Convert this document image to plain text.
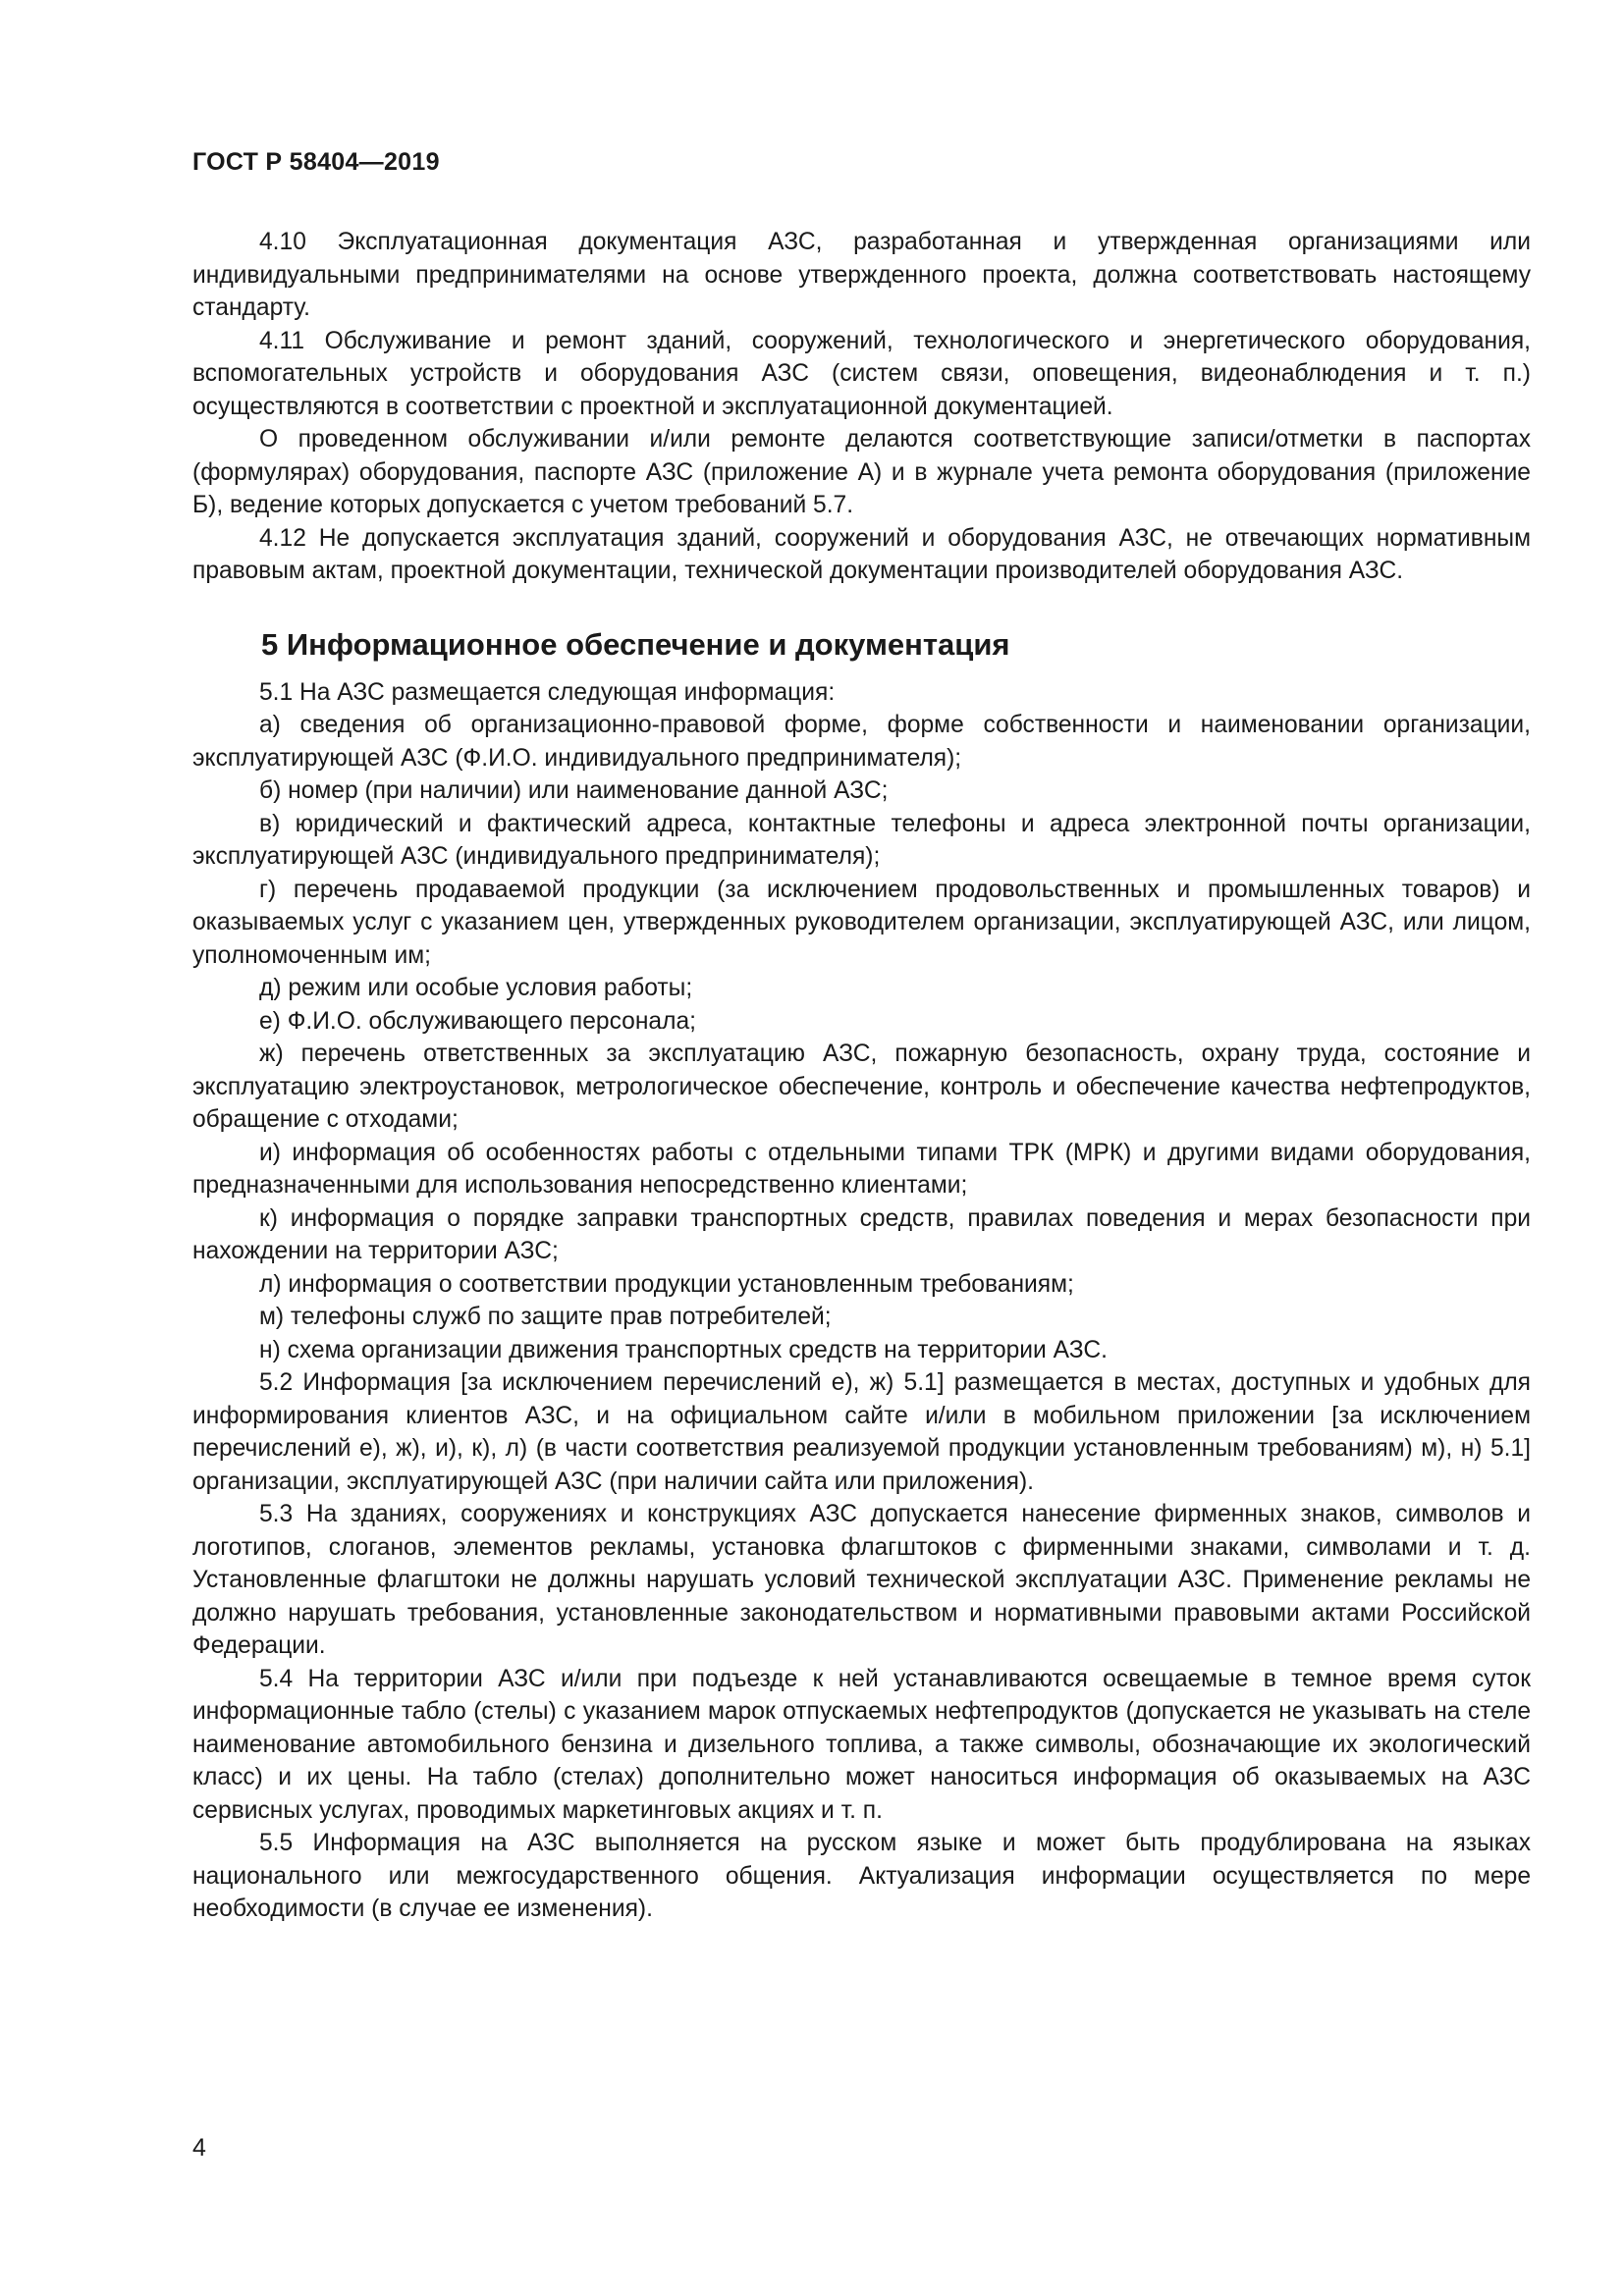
ГОСТ Р 58404—2019

4.10 Эксплуатационная документация АЗС, разработанная и утвержденная организациями или индивидуальными предпринимателями на основе утвержденного проекта, должна соответствовать настоящему стандарту.

4.11 Обслуживание и ремонт зданий, сооружений, технологического и энергетического оборудования, вспомогательных устройств и оборудования АЗС (систем связи, оповещения, видеонаблюдения и т. п.) осуществляются в соответствии с проектной и эксплуатационной документацией.

О проведенном обслуживании и/или ремонте делаются соответствующие записи/отметки в паспортах (формулярах) оборудования, паспорте АЗС (приложение А) и в журнале учета ремонта оборудования (приложение Б), ведение которых допускается с учетом требований 5.7.

4.12 Не допускается эксплуатация зданий, сооружений и оборудования АЗС, не отвечающих нормативным правовым актам, проектной документации, технической документации производителей оборудования АЗС.

5 Информационное обеспечение и документация

5.1 На АЗС размещается следующая информация:

а) сведения об организационно-правовой форме, форме собственности и наименовании организации, эксплуатирующей АЗС (Ф.И.О. индивидуального предпринимателя);

б) номер (при наличии) или наименование данной АЗС;

в) юридический и фактический адреса, контактные телефоны и адреса электронной почты организации, эксплуатирующей АЗС (индивидуального предпринимателя);

г) перечень продаваемой продукции (за исключением продовольственных и промышленных товаров) и оказываемых услуг с указанием цен, утвержденных руководителем организации, эксплуатирующей АЗС, или лицом, уполномоченным им;

д) режим или особые условия работы;

е) Ф.И.О. обслуживающего персонала;

ж) перечень ответственных за эксплуатацию АЗС, пожарную безопасность, охрану труда, состояние и эксплуатацию электроустановок, метрологическое обеспечение, контроль и обеспечение качества нефтепродуктов, обращение с отходами;

и) информация об особенностях работы с отдельными типами ТРК (МРК) и другими видами оборудования, предназначенными для использования непосредственно клиентами;

к) информация о порядке заправки транспортных средств, правилах поведения и мерах безопасности при нахождении на территории АЗС;

л) информация о соответствии продукции установленным требованиям;

м) телефоны служб по защите прав потребителей;

н) схема организации движения транспортных средств на территории АЗС.

5.2 Информация [за исключением перечислений е), ж) 5.1] размещается в местах, доступных и удобных для информирования клиентов АЗС, и на официальном сайте и/или в мобильном приложении [за исключением перечислений е), ж), и), к), л) (в части соответствия реализуемой продукции установленным требованиям) м), н) 5.1] организации, эксплуатирующей АЗС (при наличии сайта или приложения).

5.3 На зданиях, сооружениях и конструкциях АЗС допускается нанесение фирменных знаков, символов и логотипов, слоганов, элементов рекламы, установка флагштоков с фирменными знаками, символами и т. д. Установленные флагштоки не должны нарушать условий технической эксплуатации АЗС. Применение рекламы не должно нарушать требования, установленные законодательством и нормативными правовыми актами Российской Федерации.

5.4 На территории АЗС и/или при подъезде к ней устанавливаются освещаемые в темное время суток информационные табло (стелы) с указанием марок отпускаемых нефтепродуктов (допускается не указывать на стеле наименование автомобильного бензина и дизельного топлива, а также символы, обозначающие их экологический класс) и их цены. На табло (стелах) дополнительно может наноситься информация об оказываемых на АЗС сервисных услугах, проводимых маркетинговых акциях и т. п.

5.5 Информация на АЗС выполняется на русском языке и может быть продублирована на языках национального или межгосударственного общения. Актуализация информации осуществляется по мере необходимости (в случае ее изменения).

4
